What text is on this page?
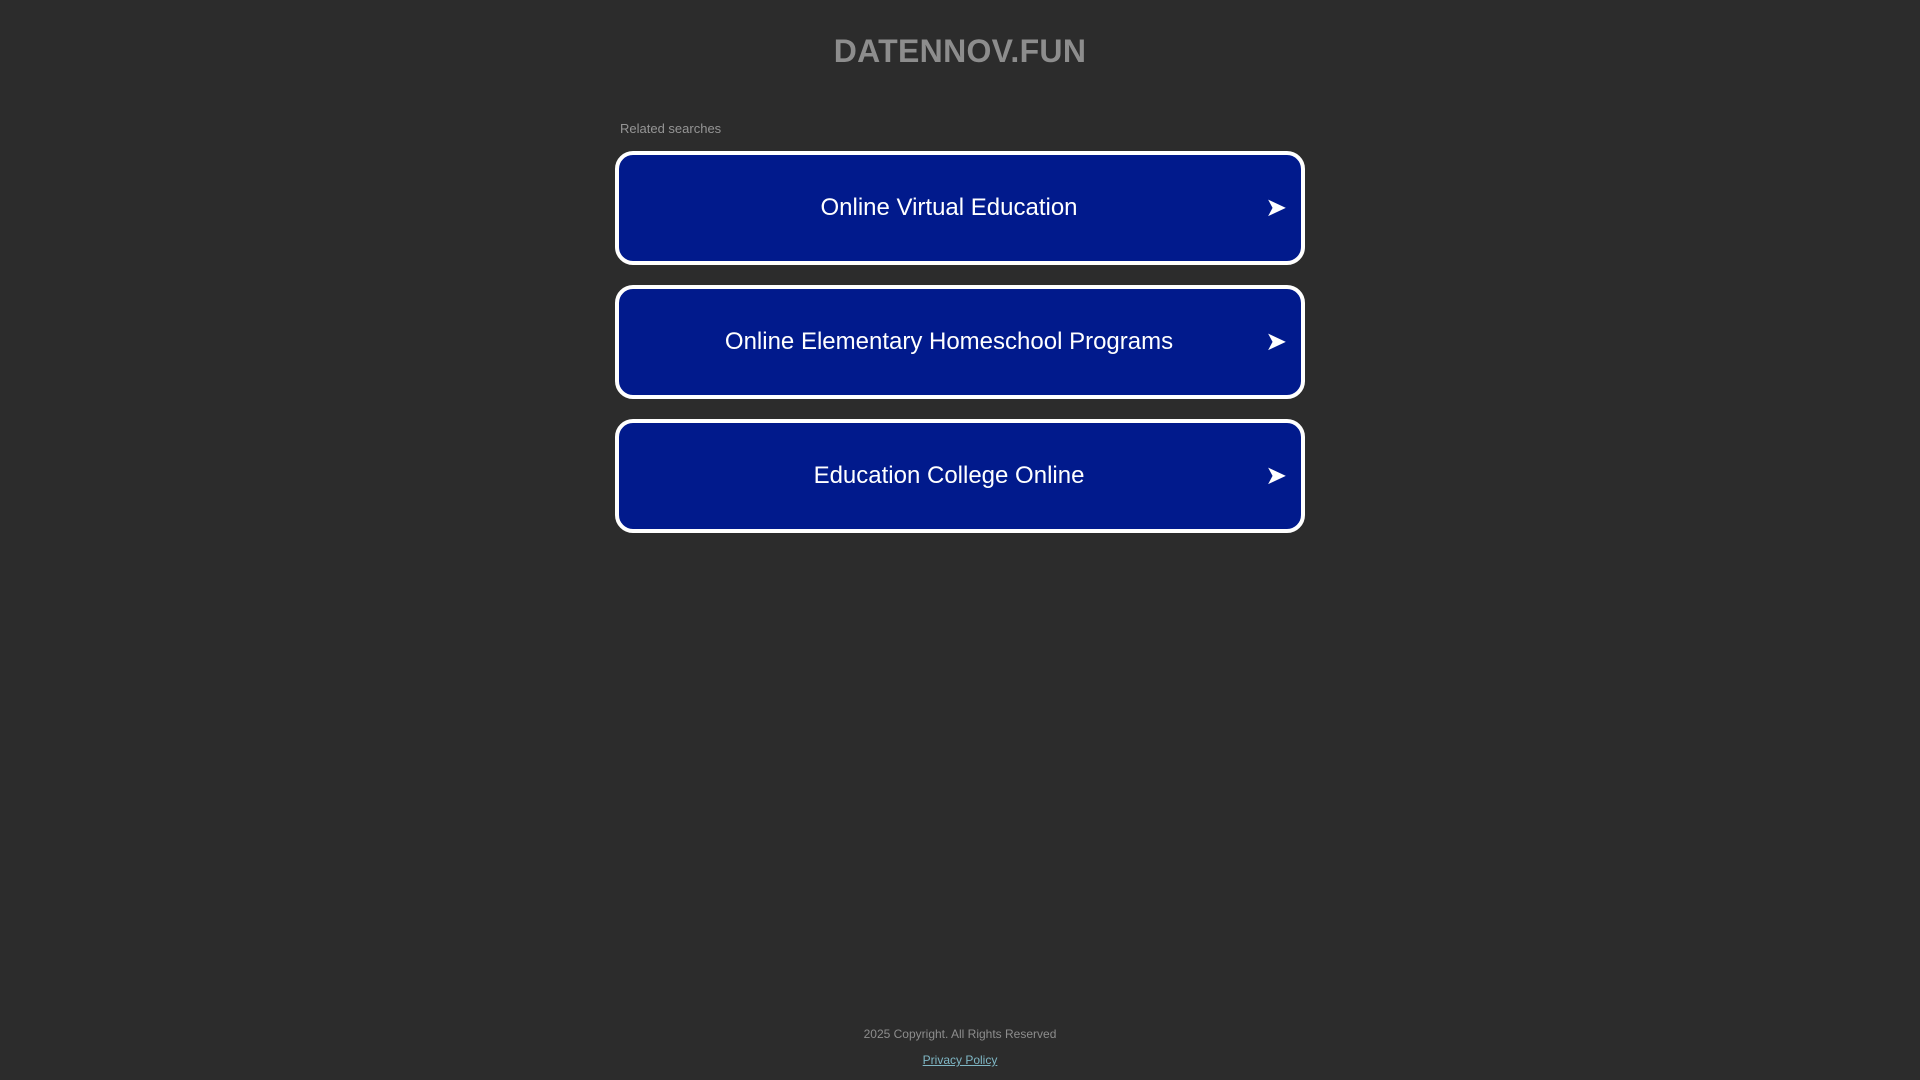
DATENNOV.FUN
Related searches
Online Virtual Education	➤
Online Elementary Homeschool Programs	➤
Education College Online	➤
2025 Copyright. All Rights Reserved
Privacy Policy
